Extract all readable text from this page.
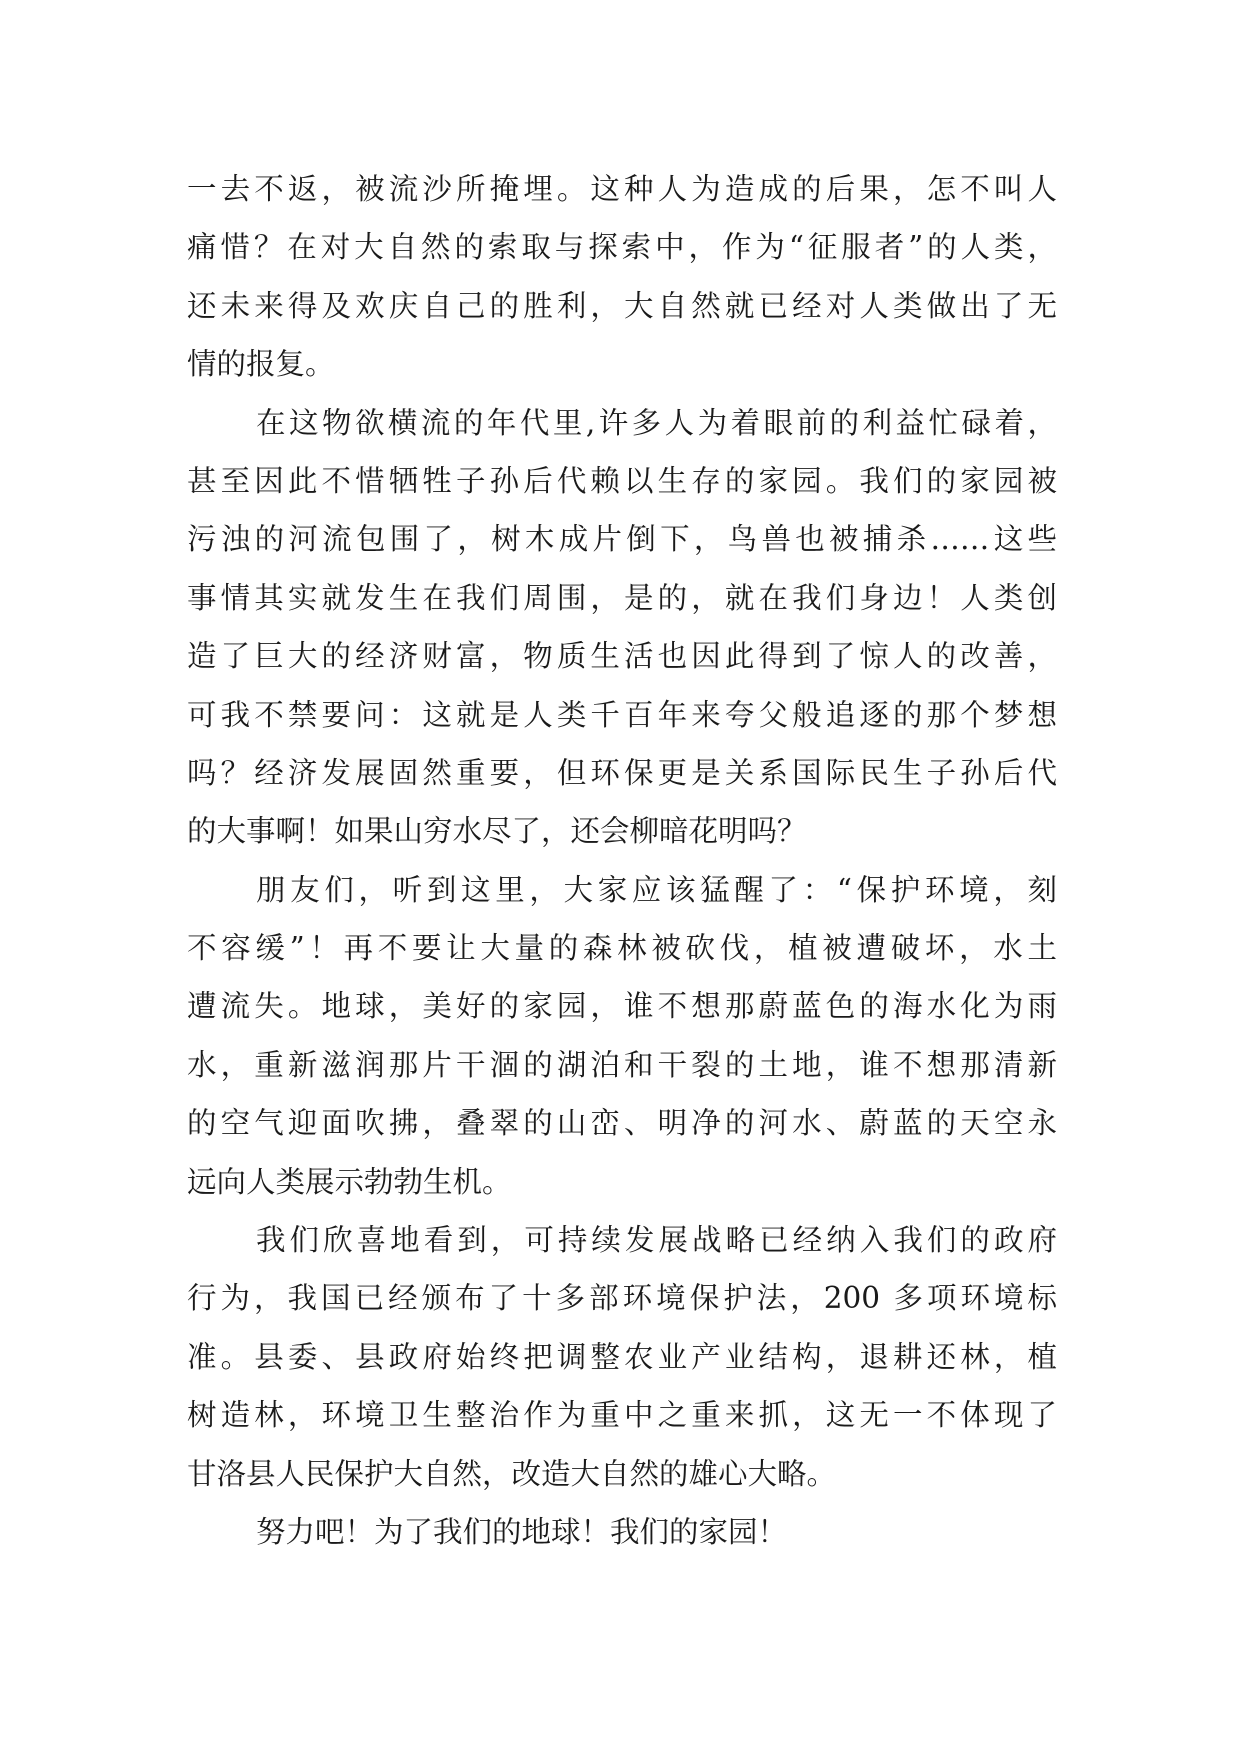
一去不返，被流沙所掩埋。这种人为造成的后果，怎不叫人
痛惜？在对大自然的索取与探索中，作为“征服者”的人类，
还未来得及欢庆自己的胜利，大自然就已经对人类做出了无
情的报复。
在这物欲横流的年代里,许多人为着眼前的利益忙碌着，
甚至因此不惜牺牲子孙后代赖以生存的家园。我们的家园被
污浊的河流包围了，树木成片倒下，鸟兽也被捕杀……这些
事情其实就发生在我们周围，是的，就在我们身边！人类创
造了巨大的经济财富，物质生活也因此得到了惊人的改善，
可我不禁要问：这就是人类千百年来夸父般追逐的那个梦想
吗？经济发展固然重要，但环保更是关系国际民生子孙后代
的大事啊！如果山穷水尽了，还会柳暗花明吗？
朋友们，听到这里，大家应该猛醒了：“保护环境，刻
不容缓”！再不要让大量的森林被砍伐，植被遭破坏，水土
遭流失。地球，美好的家园，谁不想那蔚蓝色的海水化为雨
水，重新滋润那片干涸的湖泊和干裂的土地，谁不想那清新
的空气迎面吹拂，叠翠的山峦、明净的河水、蔚蓝的天空永
远向人类展示勃勃生机。
我们欣喜地看到，可持续发展战略已经纳入我们的政府
行为，我国已经颁布了十多部环境保护法，200 多项环境标
准。县委、县政府始终把调整农业产业结构，退耕还林，植
树造林，环境卫生整治作为重中之重来抓，这无一不体现了
甘洛县人民保护大自然，改造大自然的雄心大略。
努力吧！为了我们的地球！我们的家园！
